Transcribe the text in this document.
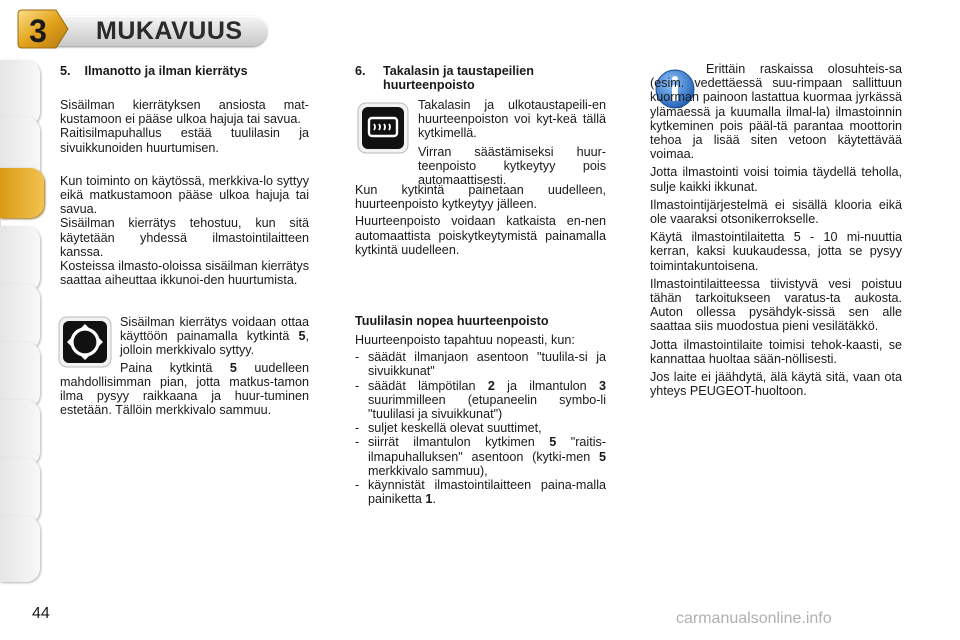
3 MUKAVUUS
5.    Ilmanotto ja ilman kierrätys

Sisäilman kierrätyksen ansiosta mat-kustamoon ei pääse ulkoa hajuja tai savua.

Raitisilmapuhallus estää tuulilasin ja sivuikkunoiden huurtumisen.

Kun toiminto on käytössä, merkkiva-lo syttyy eikä matkustamoon pääse ulkoa hajuja tai savua.

Sisäilman kierrätys tehostuu, kun sitä käytetään yhdessä ilmastointilaitteen kanssa.

Kosteissa ilmasto-oloissa sisäilman kierrätys saattaa aiheuttaa ikkunoi-den huurtumista.

Sisäilman kierrätys voidaan ottaa käyttöön painamalla kytkintä 5, jolloin merkkivalo syttyy.

Paina kytkintä 5 uudelleen mahdollisimman pian, jotta matkus-tamon ilma pysyy raikkaana ja huur-tuminen estetään. Tällöin merkkivalo sammuu.

6.	Takalasin ja taustapeilien huurteenpoisto

Takalasin ja ulkotaustapeili-en huurteenpoiston voi kyt-keä tällä kytkimellä.

Virran säästämiseksi huur-teenpoisto kytkeytyy pois automaattisesti.

Kun kytkintä painetaan uudelleen, huurteenpoisto kytkeytyy jälleen.

Huurteenpoisto voidaan katkaista en-nen automaattista poiskytkeytymistä painamalla kytkintä uudelleen.

Tuulilasin nopea huurteenpoisto

Huurteenpoisto tapahtuu nopeasti, kun:

- säädät ilmanjaon asentoon "tuulila-si ja sivuikkunat"
- säädät lämpötilan 2 ja ilmantulon 3 suurimmilleen (etupaneelin symbo-li "tuulilasi ja sivuikkunat")
- suljet keskellä olevat suuttimet,
- siirrät ilmantulon kytkimen 5 "raitis-ilmapuhalluksen" asentoon (kytki-men 5 merkkivalo sammuu),
- käynnistät ilmastointilaitteen paina-malla painiketta 1.

Erittäin raskaissa olosuhteis-sa (esim. vedettäessä suu-rimpaan sallittuun kuorman painoon lastattua kuormaa jyrkässä ylämäessä ja kuumalla ilmal-la) ilmastoinnin kytkeminen pois pääl-tä parantaa moottorin tehoa ja lisää siten vetoon käytettävää voimaa.

Jotta ilmastointi voisi toimia täydellä teholla, sulje kaikki ikkunat.

Ilmastointijärjestelmä ei sisällä klooria eikä ole vaaraksi otsonikerrokselle.

Käytä ilmastointilaitetta 5 - 10 mi-nuuttia kerran, kaksi kuukaudessa, jotta se pysyy toimintakuntoisena.

Ilmastointilaitteessa tiivistyvä vesi poistuu tähän tarkoitukseen varatus-ta aukosta. Auton ollessa pysähdyk-sissä sen alle saattaa siis muodostua pieni vesilätäkkö.

Jotta ilmastointilaite toimisi tehok-kaasti, se kannattaa huoltaa sään-nöllisesti.

Jos laite ei jäähdytä, älä käytä sitä, vaan ota yhteys PEUGEOT-huoltoon.

44	carmanualsonline.info
